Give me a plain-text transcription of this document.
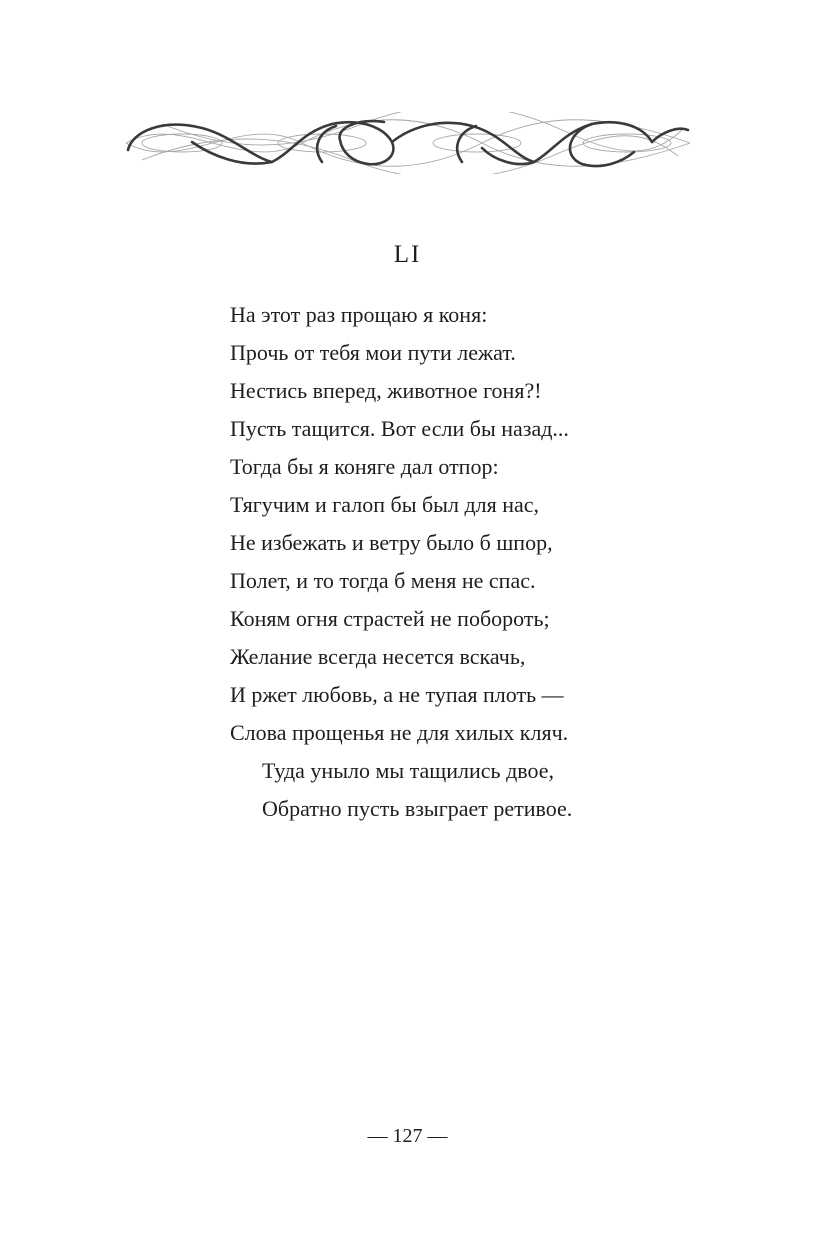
LI
На этот раз прощаю я коня:
Прочь от тебя мои пути лежат.
Нестись вперед, животное гоня?!
Пусть тащится. Вот если бы назад...
Тогда бы я коняге дал отпор:
Тягучим и галоп бы был для нас,
Не избежать и ветру было б шпор,
Полет, и то тогда б меня не спас.
Коням огня страстей не побороть;
Желание всегда несется вскачь,
И ржет любовь, а не тупая плоть —
Слова прощенья не для хилых кляч.
Туда уныло мы тащились двое,
Обратно пусть взыграет ретивое.
— 127 —
